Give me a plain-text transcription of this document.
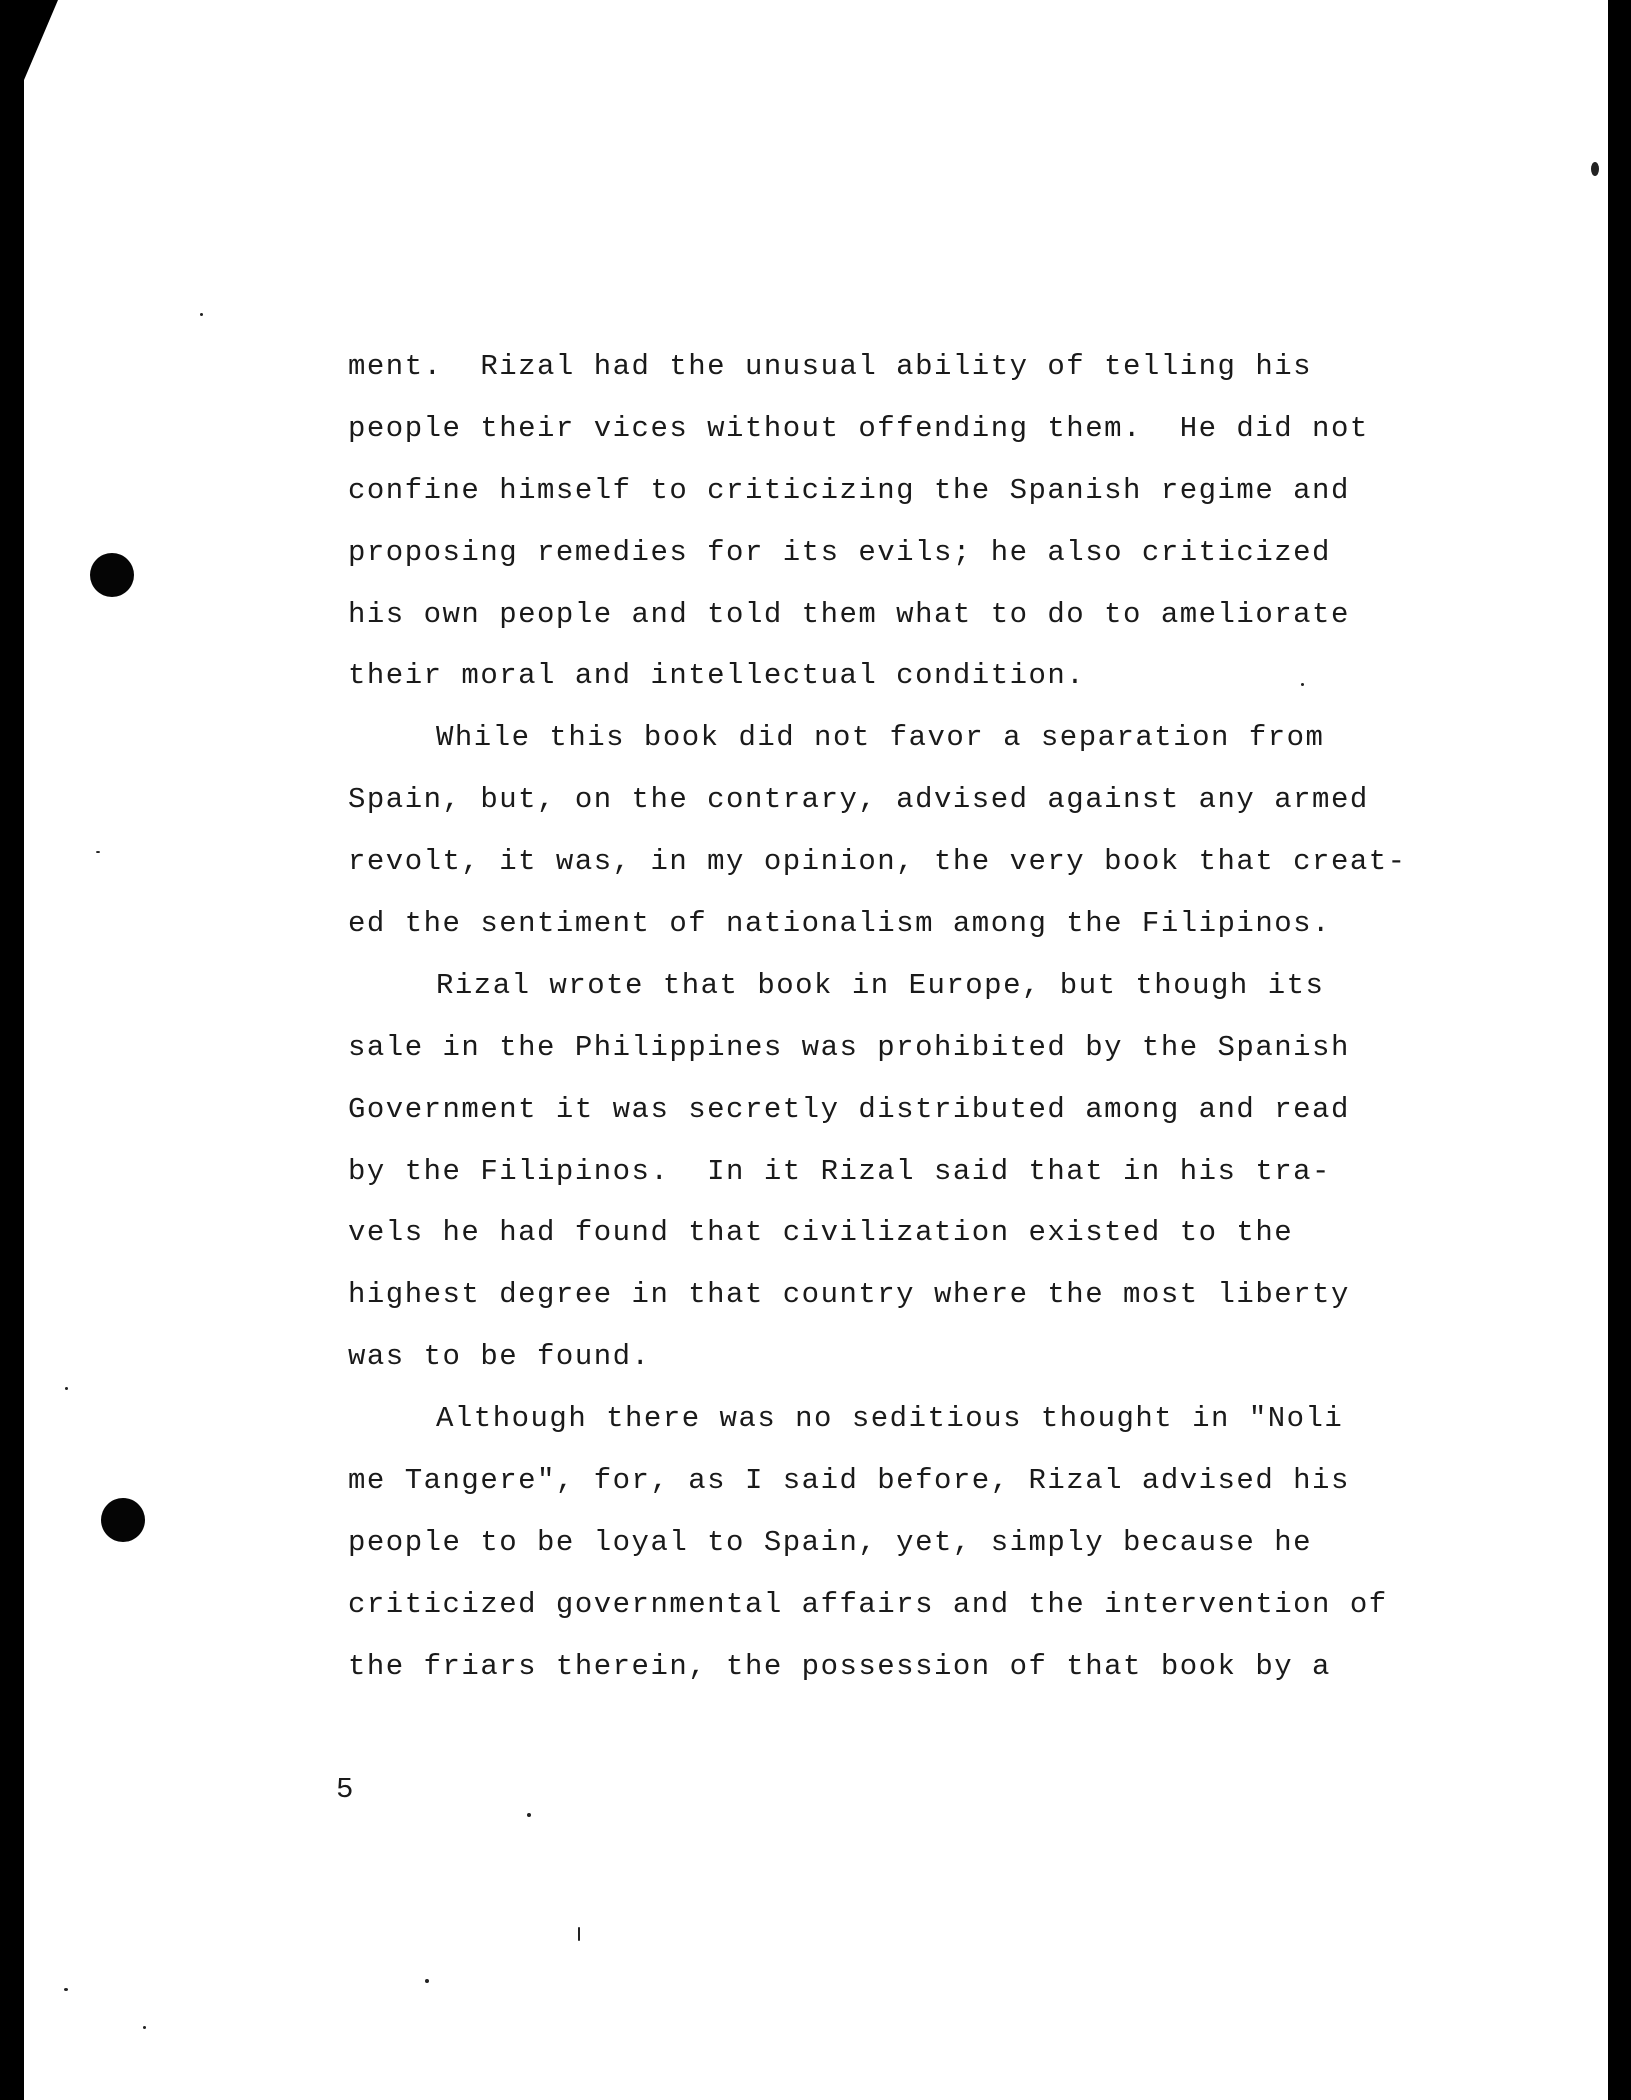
ment.  Rizal had the unusual ability of telling his
people their vices without offending them.  He did not
confine himself to criticizing the Spanish regime and
proposing remedies for its evils; he also criticized
his own people and told them what to do to ameliorate
their moral and intellectual condition.
While this book did not favor a separation from
Spain, but, on the contrary, advised against any armed
revolt, it was, in my opinion, the very book that creat-
ed the sentiment of nationalism among the Filipinos.
Rizal wrote that book in Europe, but though its
sale in the Philippines was prohibited by the Spanish
Government it was secretly distributed among and read
by the Filipinos.  In it Rizal said that in his tra-
vels he had found that civilization existed to the
highest degree in that country where the most liberty
was to be found.
Although there was no seditious thought in "Noli
me Tangere", for, as I said before, Rizal advised his
people to be loyal to Spain, yet, simply because he
criticized governmental affairs and the intervention of
the friars therein, the possession of that book by a
5
